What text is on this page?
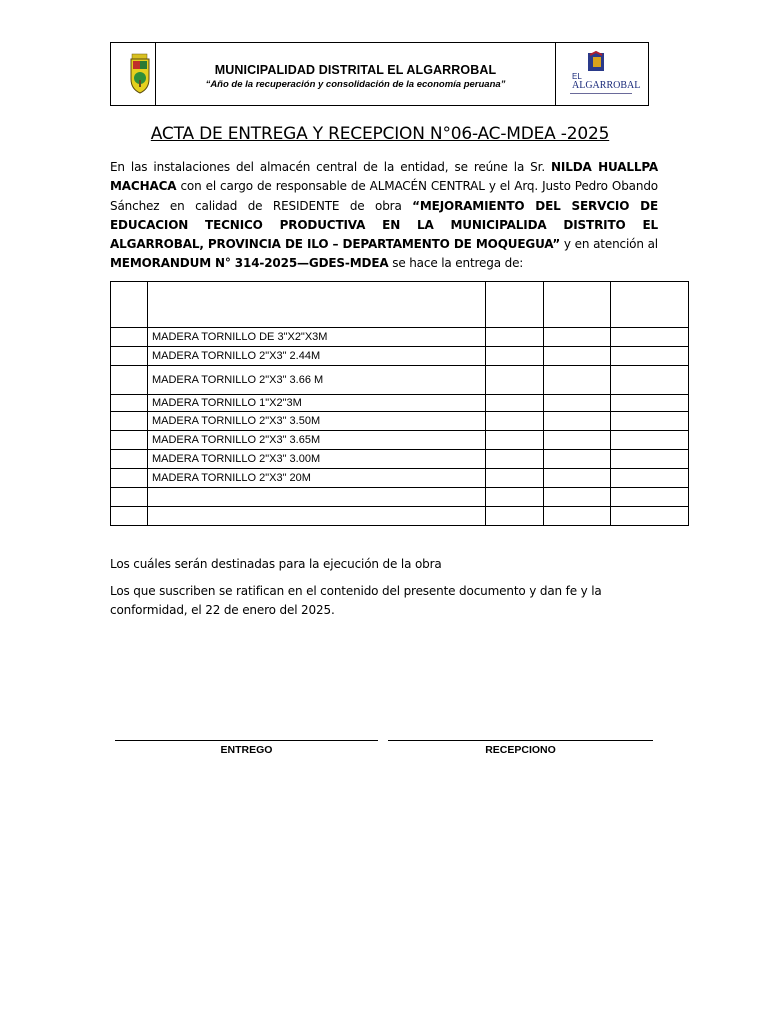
MUNICIPALIDAD DISTRITAL EL ALGARROBAL
“Año de la recuperación y consolidación de la economía peruana”
EL
ALGARROBAL
ACTA DE ENTREGA Y RECEPCION N°06-AC-MDEA -2025
En las instalaciones del almacén central de la entidad, se reúne la Sr. NILDA HUALLPA MACHACA con el cargo de responsable de ALMACÉN CENTRAL y el Arq. Justo Pedro Obando Sánchez en calidad de RESIDENTE de obra “MEJORAMIENTO DEL SERVCIO DE EDUCACION TECNICO PRODUCTIVA EN LA MUNICIPALIDA DISTRITO EL ALGARROBAL, PROVINCIA DE ILO – DEPARTAMENTO DE MOQUEGUA” y en atención al MEMORANDUM N° 314-2025—GDES-MDEA se hace la entrega de:

	MADERA TORNILLO DE 3"X2"X3M			
	MADERA TORNILLO 2"X3" 2.44M			
	MADERA TORNILLO 2"X3" 3.66 M			
	MADERA TORNILLO 1"X2"3M			
	MADERA TORNILLO 2"X3" 3.50M			
	MADERA TORNILLO 2"X3" 3.65M			
	MADERA TORNILLO 2"X3" 3.00M			
	MADERA TORNILLO 2"X3" 20M			

Los cuáles serán destinadas para la ejecución de la obra
Los que suscriben se ratifican en el contenido del presente documento y dan fe y la conformidad, el 22 de enero del 2025.
ENTREGO	RECEPCIONO
